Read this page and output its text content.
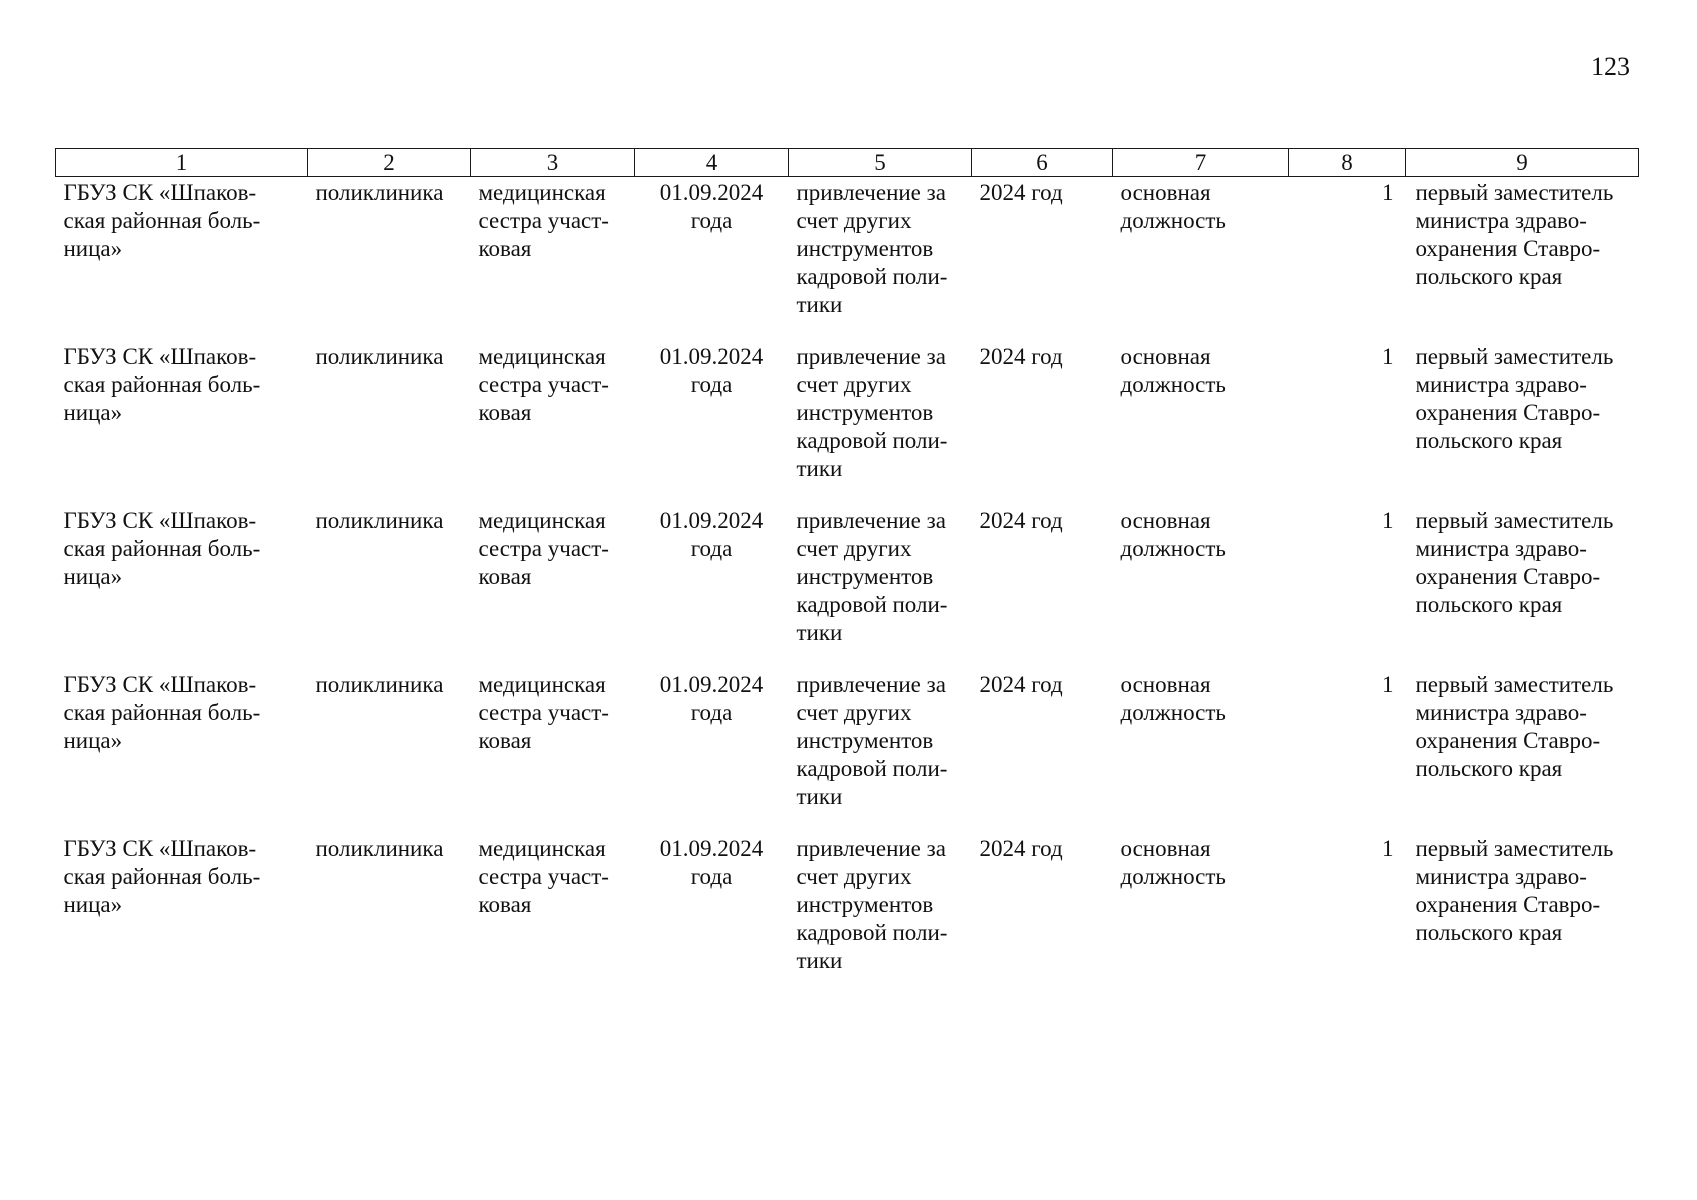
123
1	2	3	4	5	6	7	8	9

ГБУЗ СК «Шпаков-
ская районная боль-
ница»	поликлиника	медицинская
сестра участ-
ковая	01.09.2024
года	привлечение за
счет других
инструментов
кадровой поли-
тики	2024 год	основная
должность	1	первый заместитель
министра здраво-
охранения Ставро-
польского края

ГБУЗ СК «Шпаков-
ская районная боль-
ница»	поликлиника	медицинская
сестра участ-
ковая	01.09.2024
года	привлечение за
счет других
инструментов
кадровой поли-
тики	2024 год	основная
должность	1	первый заместитель
министра здраво-
охранения Ставро-
польского края

ГБУЗ СК «Шпаков-
ская районная боль-
ница»	поликлиника	медицинская
сестра участ-
ковая	01.09.2024
года	привлечение за
счет других
инструментов
кадровой поли-
тики	2024 год	основная
должность	1	первый заместитель
министра здраво-
охранения Ставро-
польского края

ГБУЗ СК «Шпаков-
ская районная боль-
ница»	поликлиника	медицинская
сестра участ-
ковая	01.09.2024
года	привлечение за
счет других
инструментов
кадровой поли-
тики	2024 год	основная
должность	1	первый заместитель
министра здраво-
охранения Ставро-
польского края

ГБУЗ СК «Шпаков-
ская районная боль-
ница»	поликлиника	медицинская
сестра участ-
ковая	01.09.2024
года	привлечение за
счет других
инструментов
кадровой поли-
тики	2024 год	основная
должность	1	первый заместитель
министра здраво-
охранения Ставро-
польского края
